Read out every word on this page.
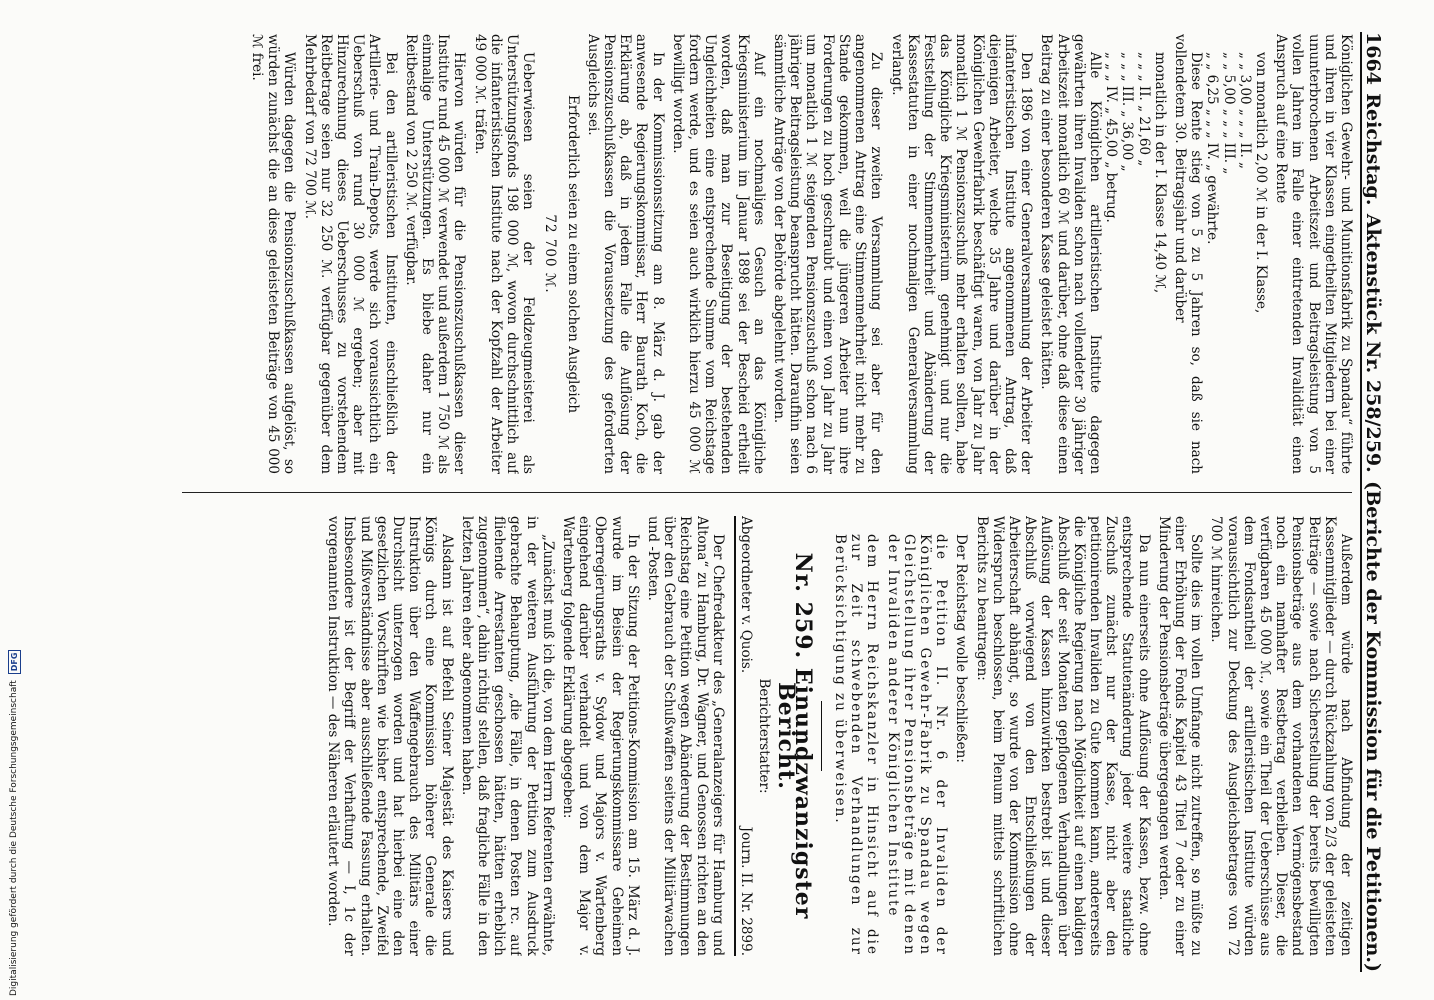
1664
Reichstag.
Aktenstück Nr. 258/259.
(Berichte der Kommission für die Petitionen.)

Königlichen Gewehr- und Munitionsfabrik zu Spandau“ führte und ihren in vier Klassen eingetheilten Mitgliedern bei einer ununterbrochenen Arbeitszeit und Beitragsleistung von 5 vollen Jahren im Falle einer eintretenden Invalidität einen Anspruch auf eine Rente

von monatlich 2,00 ℳ in der I. Klasse,
„ „ 3,00 „ „ „ II. „
„ „ 5,00 „ „ „ III. „
„ „ 6,25 „ „ „ IV. „ gewährte.

Diese Rente stieg von 5 zu 5 Jahren so, daß sie nach vollendetem 30. Beitragsjahr und darüber

monatlich in der I. Klasse 14,40 ℳ,
„ „ „ II. „ 21,60 „
„ „ „ III. „ 36,00 „
„ „ „ IV. „ 45,00 „ betrug.

Alle Königlichen artilleristischen Institute dagegen gewährten ihren Invaliden schon nach vollendeter 30 jähriger Arbeitszeit monatlich 60 ℳ und darüber, ohne daß diese einen Beitrag zu einer besonderen Kasse geleistet hätten.

Den 1896 von einer Generalversammlung der Arbeiter der infanteristischen Institute angenommenen Antrag, daß diejenigen Arbeiter, welche 35 Jahre und darüber in der Königlichen Gewehrfabrik beschäftigt waren, von Jahr zu Jahr monatlich 1 ℳ Pensionszuschuß mehr erhalten sollten, habe das Königliche Kriegsministerium genehmigt und nur die Feststellung der Stimmenmehrheit und Abänderung der Kassestatuten in einer nochmaligen Generalversammlung verlangt.

Zu dieser zweiten Versammlung sei aber für den angenommenen Antrag eine Stimmenmehrheit nicht mehr zu Stande gekommen, weil die jüngeren Arbeiter nun ihre Forderungen zu hoch geschraubt und einen von Jahr zu Jahr um monatlich 1 ℳ steigenden Pensionszuschuß schon nach 6 jähriger Beitragsleistung beansprucht hätten. Daraufhin seien sämmtliche Anträge von der Behörde abgelehnt worden.

Auf ein nochmaliges Gesuch an das Königliche Kriegsministerium im Januar 1898 sei der Bescheid ertheilt worden, daß man zur Beseitigung der bestehenden Ungleichheiten eine entsprechende Summe vom Reichstage fordern werde, und es seien auch wirklich hierzu 45 000 ℳ bewilligt worden.

In der Kommissionssitzung am 8. März d. J. gab der anwesende Regierungskommissar, Herr Baurath Koch, die Erklärung ab, daß in jedem Falle die Auflösung der Pensionszuschußkassen die Voraussetzung des geforderten Ausgleichs sei.

Erforderlich seien zu einem solchen Ausgleich

72 700 ℳ.

Ueberwiesen seien der Feldzeugmeisterei als Unterstützungsfonds 198 000 ℳ, wovon durchschnittlich auf die infanteristischen Institute nach der Kopfzahl der Arbeiter 49 000 ℳ. träfen.

Hiervon würden für die Pensionszuschußkassen dieser Institute rund 45 000 ℳ verwendet und außerdem 1 750 ℳ als einmalige Unterstützungen. Es bliebe daher nur ein Reitbestand von 2 250 ℳ. verfügbar.

Bei den artilleristischen Instituten, einschließlich der Artillerie- und Train-Depots, werde sich voraussichtlich ein Ueberschuß von rund 30 000 ℳ ergeben; aber mit Hinzurechnung dieses Ueberschusses zu vorstehendem Reitbetrage seien nur 32 250 ℳ. verfügbar gegenüber dem Mehrbedarf von 72 700 ℳ.

Würden dagegen die Pensionszuschußkassen aufgelöst, so würden zunächst die an diese geleisteten Beiträge von 45 000 ℳ frei.

Außerdem würde nach Abfindung der zeitigen Kassenmitglieder — durch Rückzahlung von 2/3 der geleisteten Beiträge — sowie nach Sicherstellung der bereits bewilligten Pensionsbeträge aus dem vorhandenen Vermögensbestand noch ein namhafter Restbetrag verbleiben. Dieser, die verfügbaren 45 000 ℳ., sowie ein Theil der Ueberschüsse aus dem Fondsantheil der artilleristischen Institute würden voraussichtlich zur Deckung des Ausgleichsbetrages von 72 700 ℳ hinreichen.

Sollte dies im vollen Umfange nicht zutreffen, so müßte zu einer Erhöhung der Fonds Kapitel 43 Titel 7 oder zu einer Minderung der Pensionsbeträge übergegangen werden.

Da nun einerseits ohne Auflösung der Kassen, bezw. ohne entsprechende Statutenänderung jeder weitere staatliche Zuschuß zunächst nur der Kasse, nicht aber den petitionirenden Invaliden zu Gute kommen kann, andererseits die Königliche Regierung nach Möglichkeit auf einen baldigen Abschluß der seit Monaten gepflogenen Verhandlungen über Auflösung der Kassen hinzuwirken bestrebt ist und dieser Abschluß vorwiegend von den Entschließungen der Arbeiterschaft abhängt, so wurde von der Kommission ohne Widerspruch beschlossen, beim Plenum mittels schriftlichen Berichts zu beantragen:

Der Reichstag wolle beschließen:

die Petition II. Nr. 6 der Invaliden der Königlichen Gewehr-Fabrik zu Spandau wegen Gleichstellung ihrer Pensionsbeträge mit denen der Invaliden anderer Königlichen Institute

dem Herrn Reichskanzler in Hinsicht auf die zur Zeit schwebenden Verhandlungen zur Berücksichtigung zu überweisen.

Nr. 259. Einundzwanzigster Bericht.

Berichterstatter:

Abgeordneter v. Quois.
Journ. II. Nr. 2899.

Der Chefredakteur des „Generalanzeigers für Hamburg und Altona“ zu Hamburg, Dr. Wagner, und Genossen richten an den Reichstag eine Petition wegen Abänderung der Bestimmungen über den Gebrauch der Schußwaffen seitens der Militärwachen und -Posten.

In der Sitzung der Petitions-Kommission am 15. März d. J. wurde im Beisein der Regierungskommissare Geheimen Oberregierungsraths v. Sydow und Majors v. Wartenberg eingehend darüber verhandelt und von dem Major v. Wartenberg folgende Erklärung abgegeben:

„Zunächst muß ich die, von dem Herrn Referenten erwähnte, in der weiteren Ausführung der Petition zum Ausdruck gebrachte Behauptung, „die Fälle, in denen Posten rc. auf fliehende Arrestanten geschossen hätten, hätten erheblich zugenommen“, dahin richtig stellen, daß fragliche Fälle in den letzten Jahren eher abgenommen haben.

Alsdann ist auf Befehl Seiner Majestät des Kaisers und Königs durch eine Kommission höherer Generale die Instruktion über den Waffengebrauch des Militärs einer Durchsicht unterzogen worden und hat hierbei eine den gesetzlichen Vorschriften wie bisher entsprechende, Zweifel und Mißverständnisse aber ausschließende Fassung erhalten. Insbesondere ist der Begriff der Verhaftung — I, 1c der vorgenannten Instruktion — des Näheren erläutert worden.

Digitalisierung gefördert durch die Deutsche Forschungsgemeinschaft
DFG
